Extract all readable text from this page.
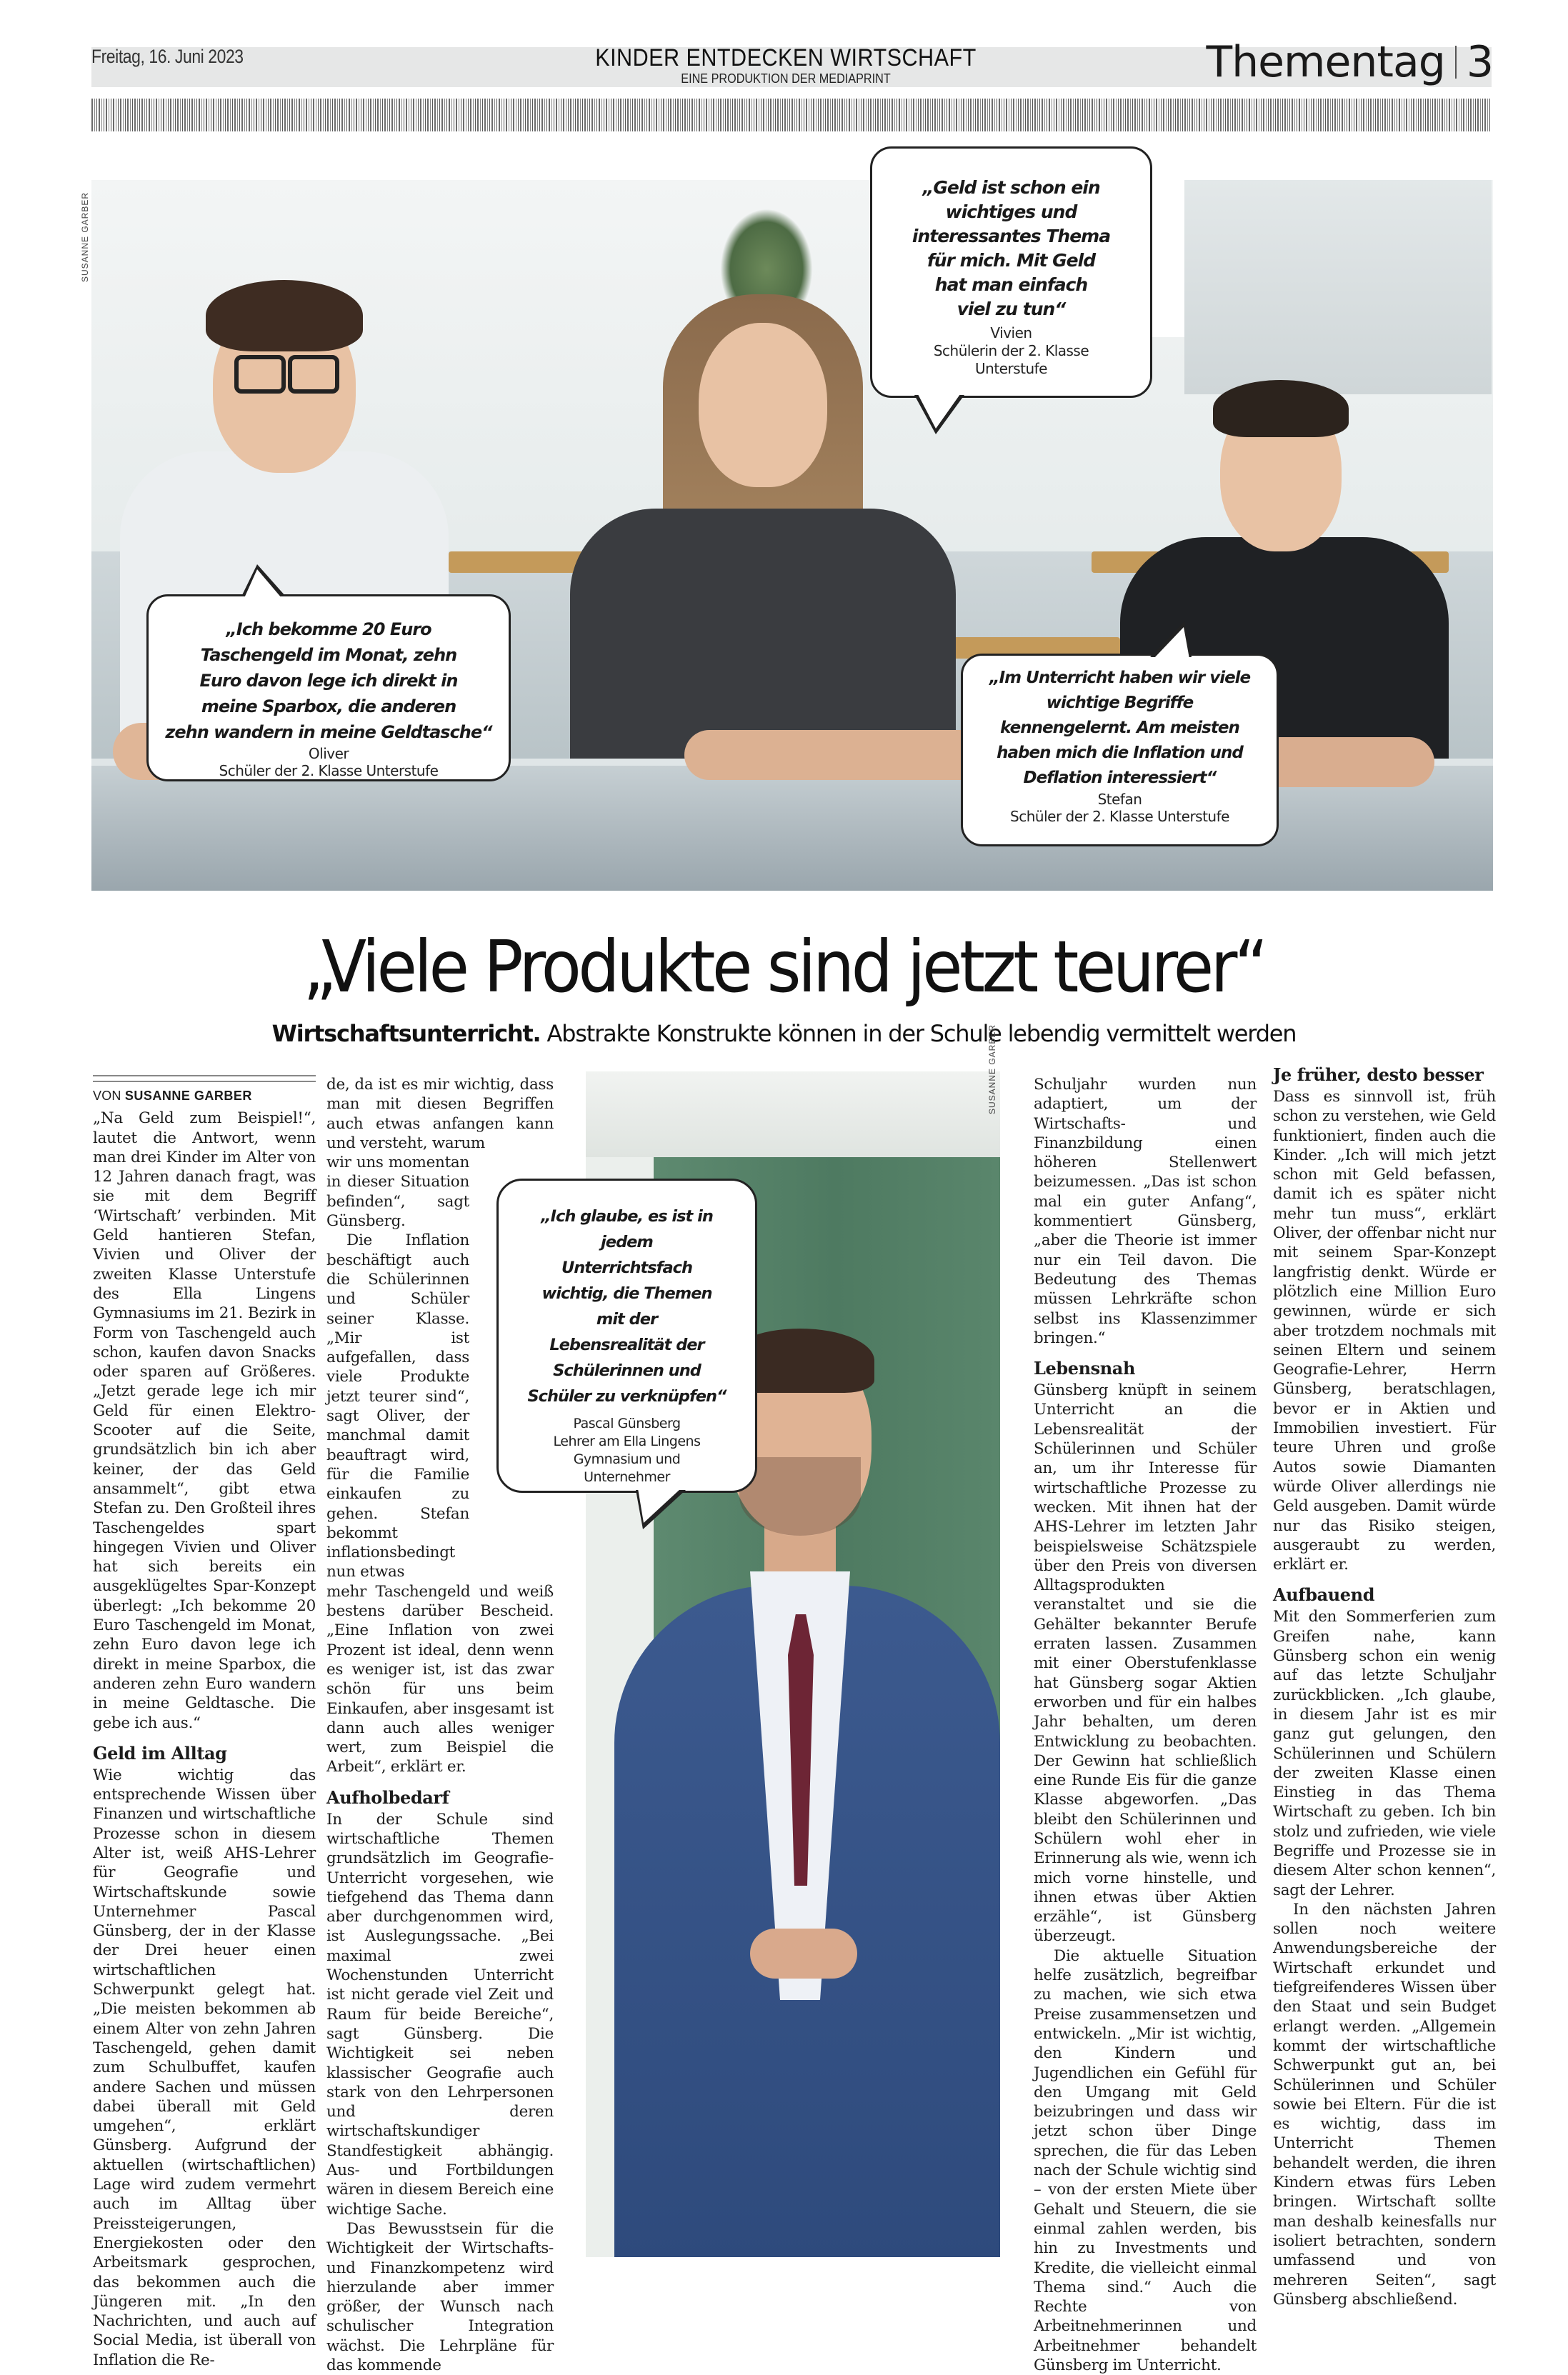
Freitag, 16. Juni 2023	KINDER ENTDECKEN WIRTSCHAFT
EINE PRODUKTION DER MEDIAPRINT	Thementag 3
SUSANNE GARBER
„Geld ist schon ein
wichtiges und
interessantes Thema
für mich. Mit Geld
hat man einfach
viel zu tun“
Vivien
Schülerin der 2. Klasse
Unterstufe
„Ich bekomme 20 Euro
Taschengeld im Monat, zehn
Euro davon lege ich direkt in
meine Sparbox, die anderen
zehn wandern in meine Geldtasche“
Oliver
Schüler der 2. Klasse Unterstufe
„Im Unterricht haben wir viele
wichtige Begriffe
kennengelernt. Am meisten
haben mich die Inflation und
Deflation interessiert“
Stefan
Schüler der 2. Klasse Unterstufe
„Viele Produkte sind jetzt teurer“
Wirtschaftsunterricht. Abstrakte Konstrukte können in der Schule lebendig vermittelt werden
VON SUSANNE GARBER

„Na Geld zum Beispiel!“, lautet die Antwort, wenn man drei Kinder im Alter von 12 Jahren danach fragt, was sie mit dem Begriff ‘Wirtschaft’ verbinden. Mit Geld hantieren Stefan, Vivien und Oliver der zweiten Klasse Unterstufe des Ella Lingens Gymnasiums im 21. Bezirk in Form von Taschengeld auch schon, kaufen davon Snacks oder sparen auf Größeres. „Jetzt gerade lege ich mir Geld für einen Elektro-Scooter auf die Seite, grundsätzlich bin ich aber keiner, der das Geld ansammelt“, gibt etwa Stefan zu. Den Großteil ihres Taschengeldes spart hingegen Vivien und Oliver hat sich bereits ein ausgeklügeltes Spar-Konzept überlegt: „Ich bekomme 20 Euro Taschengeld im Monat, zehn Euro davon lege ich direkt in meine Sparbox, die anderen zehn Euro wandern in meine Geldtasche. Die gebe ich aus.“

Geld im Alltag

Wie wichtig das entsprechende Wissen über Finanzen und wirtschaftliche Prozesse schon in diesem Alter ist, weiß AHS-Lehrer für Geografie und Wirtschaftskunde sowie Unternehmer Pascal Günsberg, der in der Klasse der Drei heuer einen wirtschaftlichen Schwerpunkt gelegt hat. „Die meisten bekommen ab einem Alter von zehn Jahren Taschengeld, gehen damit zum Schulbuffet, kaufen andere Sachen und müssen dabei überall mit Geld umgehen“, erklärt Günsberg. Aufgrund der aktuellen (wirtschaftlichen) Lage wird zudem vermehrt auch im Alltag über Preissteigerungen, Energiekosten oder den Arbeitsmark gesprochen, das bekommen auch die Jüngeren mit. „In den Nachrichten, und auch auf Social Media, ist überall von Inflation die Re-

de, da ist es mir wichtig, dass man mit diesen Begriffen auch etwas anfangen kann und versteht, warum

wir uns momentan in dieser Situation befinden“, sagt Günsberg.

Die Inflation beschäftigt auch die Schülerinnen und Schüler seiner Klasse. „Mir ist aufgefallen, dass viele Produkte jetzt teurer sind“, sagt Oliver, der manchmal damit beauftragt wird, für die Familie einkaufen zu gehen. Stefan bekommt inflationsbedingt nun etwas

mehr Taschengeld und weiß bestens darüber Bescheid. „Eine Inflation von zwei Prozent ist ideal, denn wenn es weniger ist, ist das zwar schön für uns beim Einkaufen, aber insgesamt ist dann auch alles weniger wert, zum Beispiel die Arbeit“, erklärt er.

Aufholbedarf

In der Schule sind wirtschaftliche Themen grundsätzlich im Geografie-Unterricht vorgesehen, wie tiefgehend das Thema dann aber durchgenommen wird, ist Auslegungssache. „Bei maximal zwei Wochenstunden Unterricht ist nicht gerade viel Zeit und Raum für beide Bereiche“, sagt Günsberg. Die Wichtigkeit sei neben klassischer Geografie auch stark von den Lehrpersonen und deren wirtschaftskundiger Standfestigkeit abhängig. Aus- und Fortbildungen wären in diesem Bereich eine wichtige Sache.

Das Bewusstsein für die Wichtigkeit der Wirtschafts- und Finanzkompetenz wird hierzulande aber immer größer, der Wunsch nach schulischer Integration wächst. Die Lehrpläne für das kommende

SUSANNE GARBER
„Ich glaube, es ist in
jedem
Unterrichtsfach
wichtig, die Themen
mit der
Lebensrealität der
Schülerinnen und
Schüler zu verknüpfen“
Pascal Günsberg
Lehrer am Ella Lingens
Gymnasium und
Unternehmer

Schuljahr wurden nun adaptiert, um der Wirtschafts- und Finanzbildung einen höheren Stellenwert beizumessen. „Das ist schon mal ein guter Anfang“, kommentiert Günsberg, „aber die Theorie ist immer nur ein Teil davon. Die Bedeutung des Themas müssen Lehrkräfte schon selbst ins Klassenzimmer bringen.“

Lebensnah

Günsberg knüpft in seinem Unterricht an die Lebensrealität der Schülerinnen und Schüler an, um ihr Interesse für wirtschaftliche Prozesse zu wecken. Mit ihnen hat der AHS-Lehrer im letzten Jahr beispielsweise Schätzspiele über den Preis von diversen Alltagsprodukten veranstaltet und sie die Gehälter bekannter Berufe erraten lassen. Zusammen mit einer Oberstufenklasse hat Günsberg sogar Aktien erworben und für ein halbes Jahr behalten, um deren Entwicklung zu beobachten. Der Gewinn hat schließlich eine Runde Eis für die ganze Klasse abgeworfen. „Das bleibt den Schülerinnen und Schülern wohl eher in Erinnerung als wie, wenn ich mich vorne hinstelle, und ihnen etwas über Aktien erzähle“, ist Günsberg überzeugt.

Die aktuelle Situation helfe zusätzlich, begreifbar zu machen, wie sich etwa Preise zusammensetzen und entwickeln. „Mir ist wichtig, den Kindern und Jugendlichen ein Gefühl für den Umgang mit Geld beizubringen und dass wir jetzt schon über Dinge sprechen, die für das Leben nach der Schule wichtig sind – von der ersten Miete über Gehalt und Steuern, die sie einmal zahlen werden, bis hin zu Investments und Kredite, die vielleicht einmal Thema sind.“ Auch die Rechte von Arbeitnehmerinnen und Arbeitnehmer behandelt Günsberg im Unterricht.

Je früher, desto besser

Dass es sinnvoll ist, früh schon zu verstehen, wie Geld funktioniert, finden auch die Kinder. „Ich will mich jetzt schon mit Geld befassen, damit ich es später nicht mehr tun muss“, erklärt Oliver, der offenbar nicht nur mit seinem Spar-Konzept langfristig denkt. Würde er plötzlich eine Million Euro gewinnen, würde er sich aber trotzdem nochmals mit seinen Eltern und seinem Geografie-Lehrer, Herrn Günsberg, beratschlagen, bevor er in Aktien und Immobilien investiert. Für teure Uhren und große Autos sowie Diamanten würde Oliver allerdings nie Geld ausgeben. Damit würde nur das Risiko steigen, ausgeraubt zu werden, erklärt er.

Aufbauend

Mit den Sommerferien zum Greifen nahe, kann Günsberg schon ein wenig auf das letzte Schuljahr zurückblicken. „Ich glaube, in diesem Jahr ist es mir ganz gut gelungen, den Schülerinnen und Schülern der zweiten Klasse einen Einstieg in das Thema Wirtschaft zu geben. Ich bin stolz und zufrieden, wie viele Begriffe und Prozesse sie in diesem Alter schon kennen“, sagt der Lehrer.

In den nächsten Jahren sollen noch weitere Anwendungsbereiche der Wirtschaft erkundet und tiefgreifenderes Wissen über den Staat und sein Budget erlangt werden. „Allgemein kommt der wirtschaftliche Schwerpunkt gut an, bei Schülerinnen und Schüler sowie bei Eltern. Für die ist es wichtig, dass im Unterricht Themen behandelt werden, die ihren Kindern etwas fürs Leben bringen. Wirtschaft sollte man deshalb keinesfalls nur isoliert betrachten, sondern umfassend und von mehreren Seiten“, sagt Günsberg abschließend.
